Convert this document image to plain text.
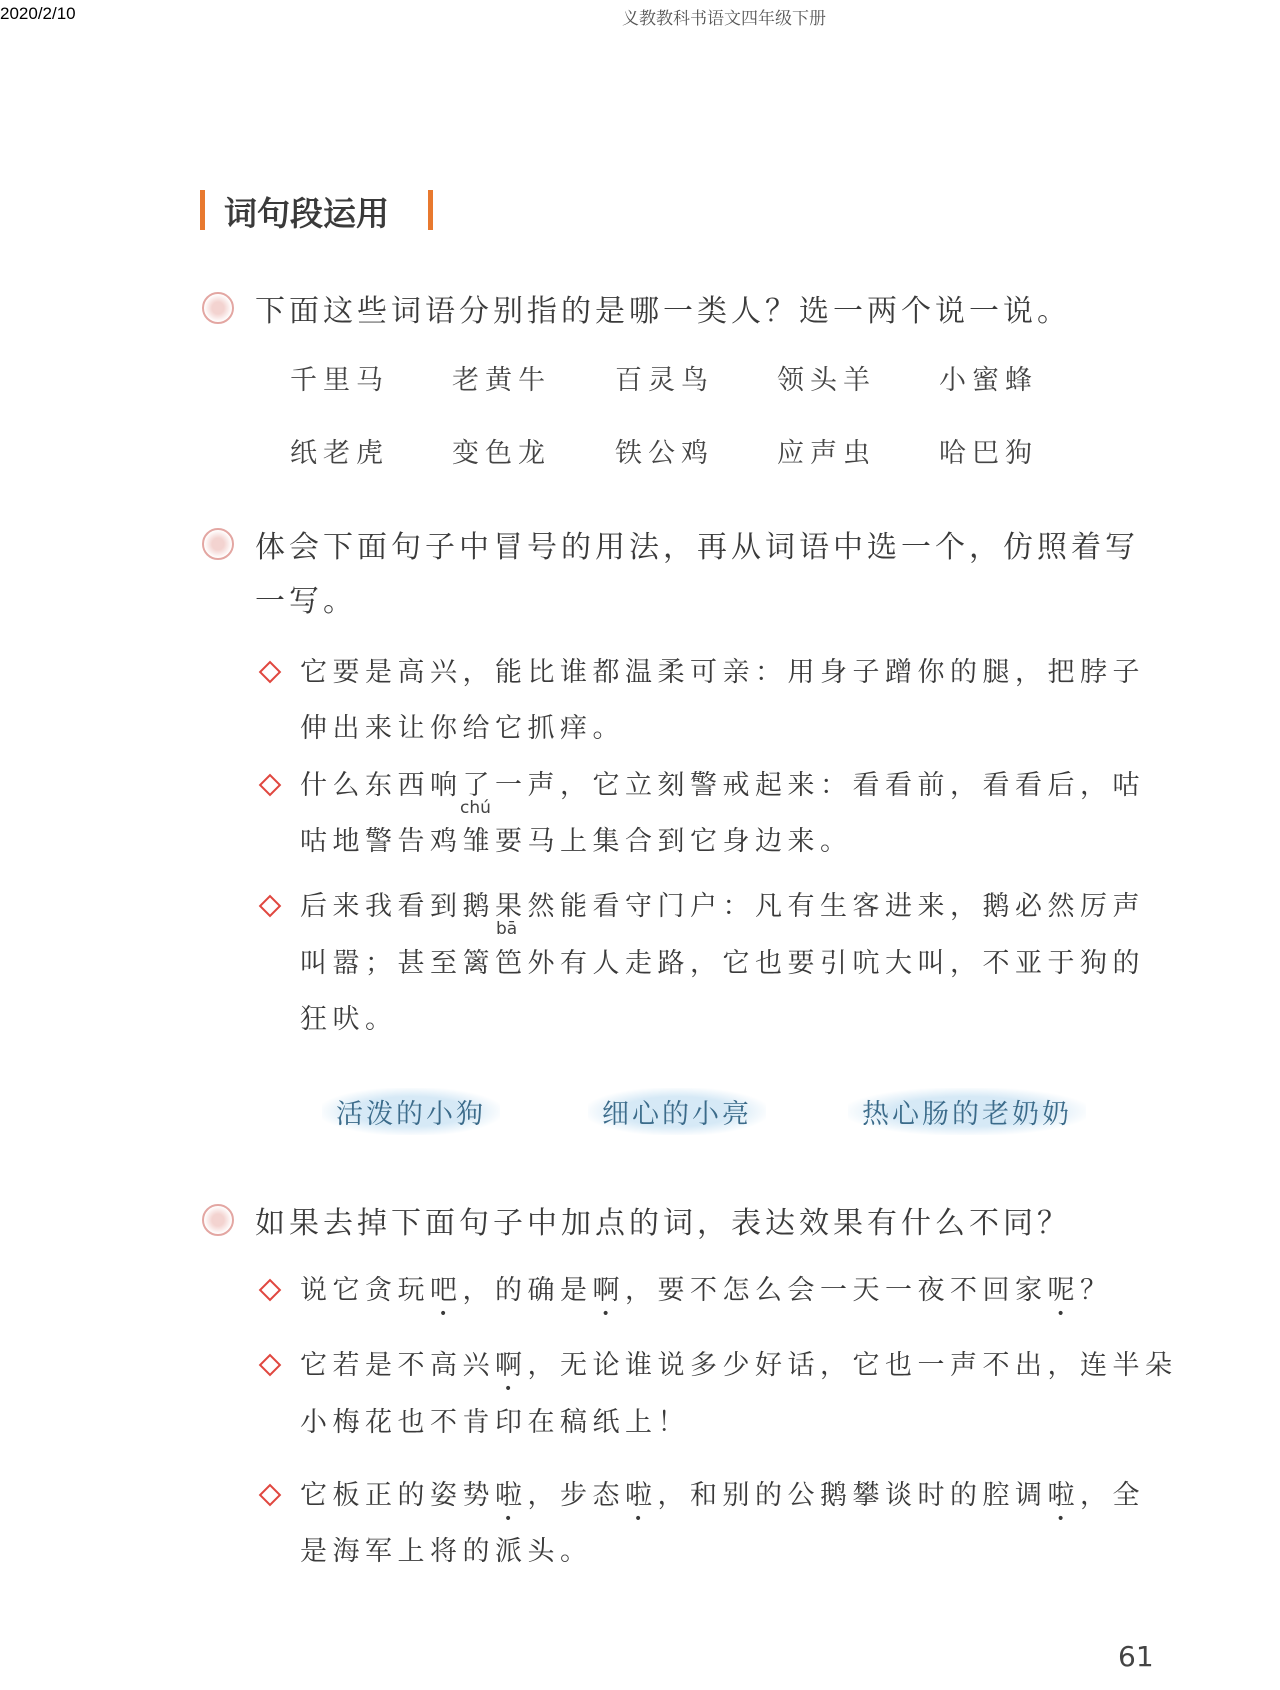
2020/2/10	义教教科书语文四年级下册
词句段运用
下面这些词语分别指的是哪一类人？选一两个说一说。
千里马 老黄牛 百灵鸟 领头羊 小蜜蜂
纸老虎 变色龙 铁公鸡 应声虫 哈巴狗
体会下面句子中冒号的用法，再从词语中选一个，仿照着写
一写。
它要是高兴，能比谁都温柔可亲：用身子蹭你的腿，把脖子
伸出来让你给它抓痒。
什么东西响了一声，它立刻警戒起来：看看前，看看后，咕
咕地警告鸡雏要马上集合到它身边来。
后来我看到鹅果然能看守门户：凡有生客进来，鹅必然厉声
叫嚣；甚至篱笆外有人走路，它也要引吭大叫，不亚于狗的
狂吠。
chú
bā
活泼的小狗	细心的小亮	热心肠的老奶奶
如果去掉下面句子中加点的词，表达效果有什么不同？
说它贪玩吧，的确是啊，要不怎么会一天一夜不回家呢？
它若是不高兴啊，无论谁说多少好话，它也一声不出，连半朵
小梅花也不肯印在稿纸上！
它板正的姿势啦，步态啦，和别的公鹅攀谈时的腔调啦，全
是海军上将的派头。
61
